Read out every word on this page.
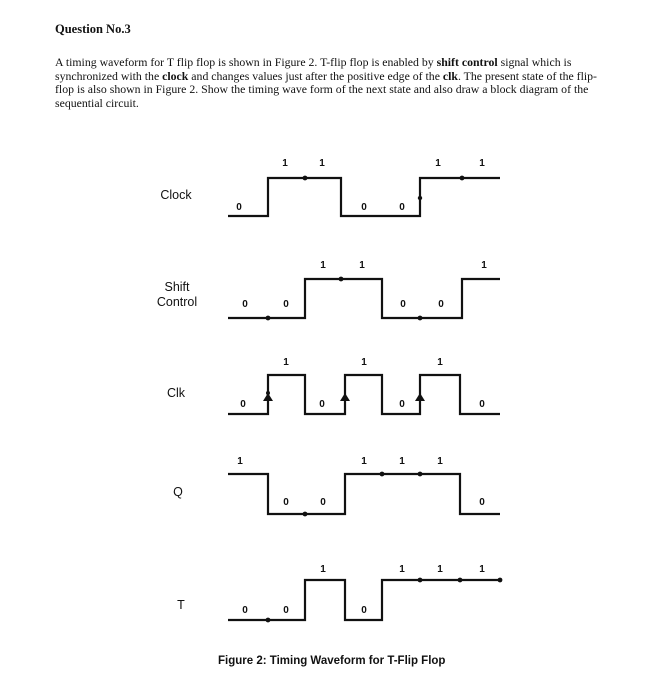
Question No.3
A timing waveform for T flip flop is shown in Figure 2. T-flip flop is enabled by shift control signal which is synchronized with the clock and changes values just after the positive edge of the clk. The present state of the flip-flop is also shown in Figure 2. Show the timing wave form of the next state and also draw a block diagram of the sequential circuit.
Clock
Shift
Control
Clk
Q
T
0
1	1
0	0
1	1
0	0
1	1
0	0
1
0
1
0
1
0
1
0
1
0	0
1	1	1
0
0	0
1
0
1	1	1
Figure 2: Timing Waveform for T-Flip Flop
